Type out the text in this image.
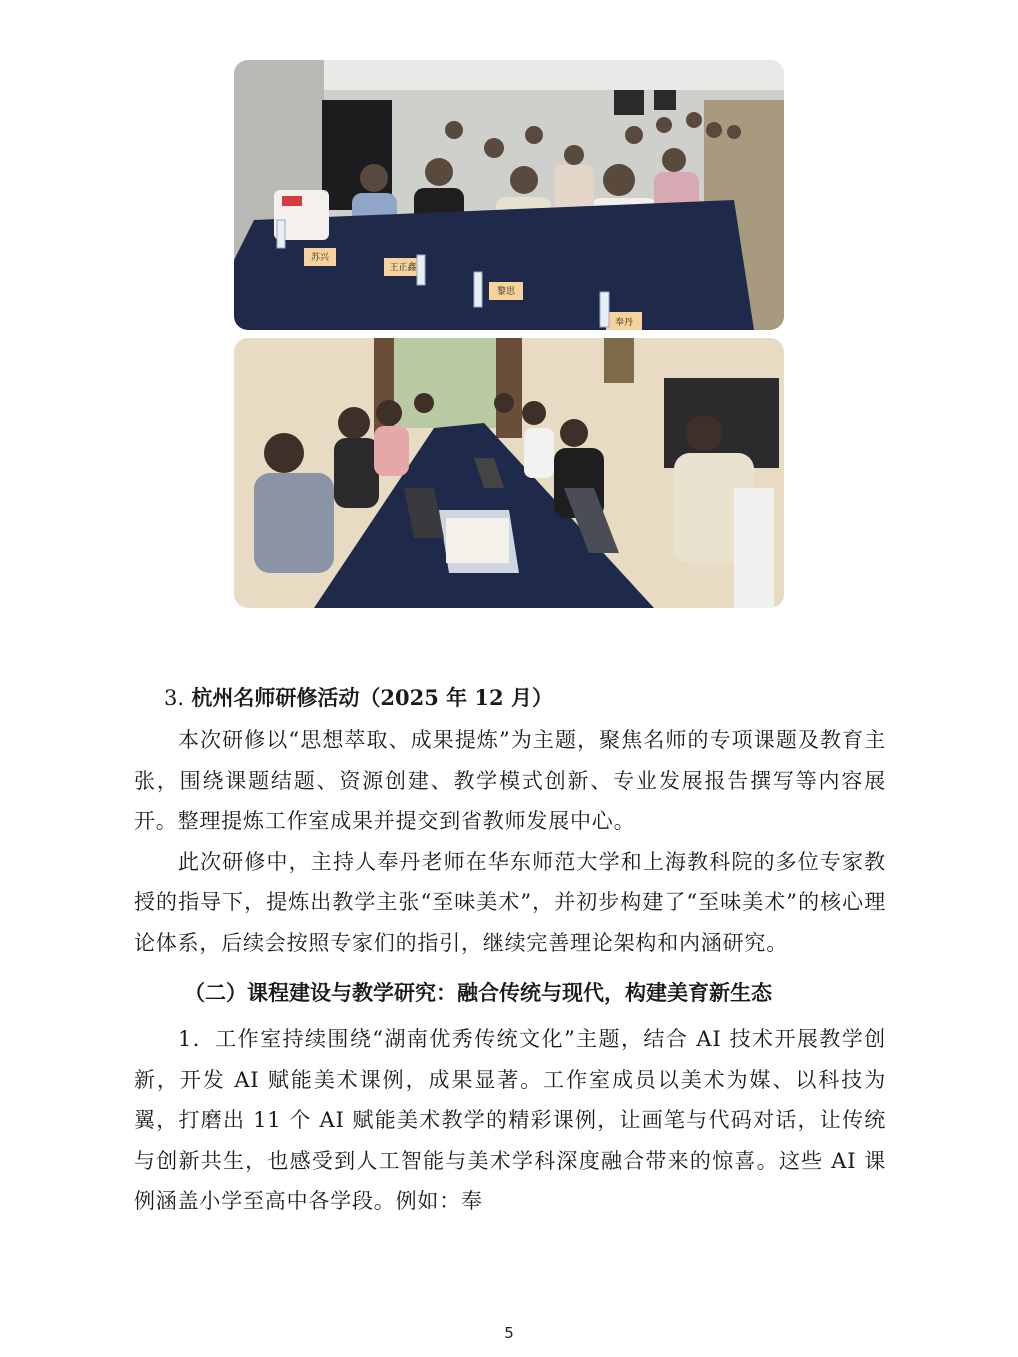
苏兴
王正鑫
黎思
奉丹
3. 杭州名师研修活动（2025 年 12 月）

本次研修以“思想萃取、成果提炼”为主题，聚焦名师的专项课题及教育主张，围绕课题结题、资源创建、教学模式创新、专业发展报告撰写等内容展开。整理提炼工作室成果并提交到省教师发展中心。

此次研修中，主持人奉丹老师在华东师范大学和上海教科院的多位专家教授的指导下，提炼出教学主张“至味美术”，并初步构建了“至味美术”的核心理论体系，后续会按照专家们的指引，继续完善理论架构和内涵研究。

（二）课程建设与教学研究：融合传统与现代，构建美育新生态

1．工作室持续围绕“湖南优秀传统文化”主题，结合 AI 技术开展教学创新，开发 AI 赋能美术课例，成果显著。工作室成员以美术为媒、以科技为翼，打磨出 11 个 AI 赋能美术教学的精彩课例，让画笔与代码对话，让传统与创新共生，也感受到人工智能与美术学科深度融合带来的惊喜。这些 AI 课例涵盖小学至高中各学段。例如：奉

5
